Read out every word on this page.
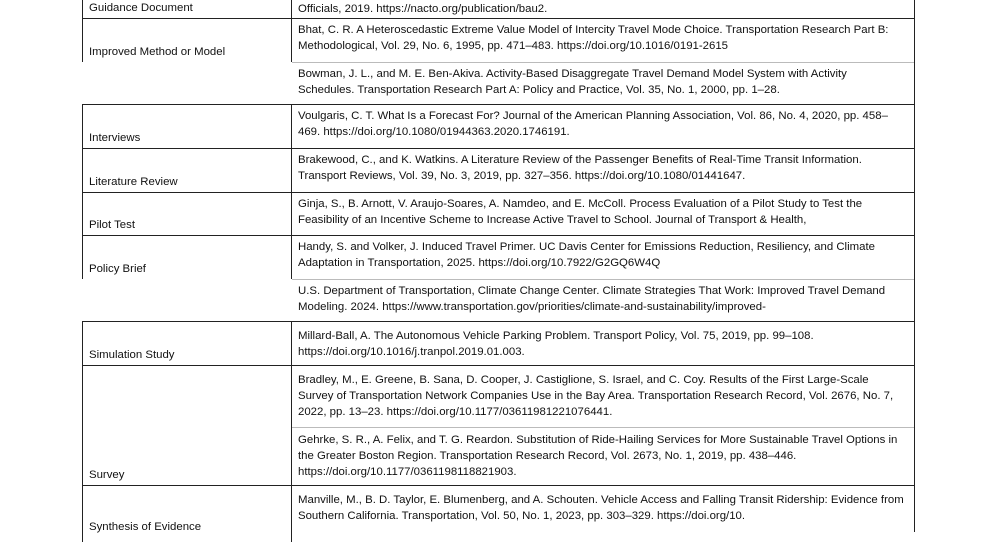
Guidance Document	Officials, 2019. https://nacto.org/publication/bau2.
Improved Method or Model
Bhat, C. R. A Heteroscedastic Extreme Value Model of Intercity Travel Mode Choice. Transportation Research Part B: Methodological, Vol. 29, No. 6, 1995, pp. 471–483. https://doi.org/10.1016/0191-2615
Bowman, J. L., and M. E. Ben-Akiva. Activity-Based Disaggregate Travel Demand Model System with Activity Schedules. Transportation Research Part A: Policy and Practice, Vol. 35, No. 1, 2000, pp. 1–28.
Interviews
Voulgaris, C. T. What Is a Forecast For? Journal of the American Planning Association, Vol. 86, No. 4, 2020, pp. 458–469. https://doi.org/10.1080/01944363.2020.1746191.
Literature Review
Brakewood, C., and K. Watkins. A Literature Review of the Passenger Benefits of Real-Time Transit Information. Transport Reviews, Vol. 39, No. 3, 2019, pp. 327–356. https://doi.org/10.1080/01441647.
Pilot Test
Ginja, S., B. Arnott, V. Araujo-Soares, A. Namdeo, and E. McColl. Process Evaluation of a Pilot Study to Test the Feasibility of an Incentive Scheme to Increase Active Travel to School. Journal of Transport & Health,
Policy Brief
Handy, S. and Volker, J. Induced Travel Primer. UC Davis Center for Emissions Reduction, Resiliency, and Climate Adaptation in Transportation, 2025. https://doi.org/10.7922/G2GQ6W4Q
U.S. Department of Transportation, Climate Change Center. Climate Strategies That Work: Improved Travel Demand Modeling. 2024. https://www.transportation.gov/priorities/climate-and-sustainability/improved-
Simulation Study
Millard-Ball, A. The Autonomous Vehicle Parking Problem. Transport Policy, Vol. 75, 2019, pp. 99–108. https://doi.org/10.1016/j.tranpol.2019.01.003.
Survey
Bradley, M., E. Greene, B. Sana, D. Cooper, J. Castiglione, S. Israel, and C. Coy. Results of the First Large-Scale Survey of Transportation Network Companies Use in the Bay Area. Transportation Research Record, Vol. 2676, No. 7, 2022, pp. 13–23. https://doi.org/10.1177/03611981221076441.
Gehrke, S. R., A. Felix, and T. G. Reardon. Substitution of Ride-Hailing Services for More Sustainable Travel Options in the Greater Boston Region. Transportation Research Record, Vol. 2673, No. 1, 2019, pp. 438–446. https://doi.org/10.1177/0361198118821903.
Synthesis of Evidence
Manville, M., B. D. Taylor, E. Blumenberg, and A. Schouten. Vehicle Access and Falling Transit Ridership: Evidence from Southern California. Transportation, Vol. 50, No. 1, 2023, pp. 303–329. https://doi.org/10.
